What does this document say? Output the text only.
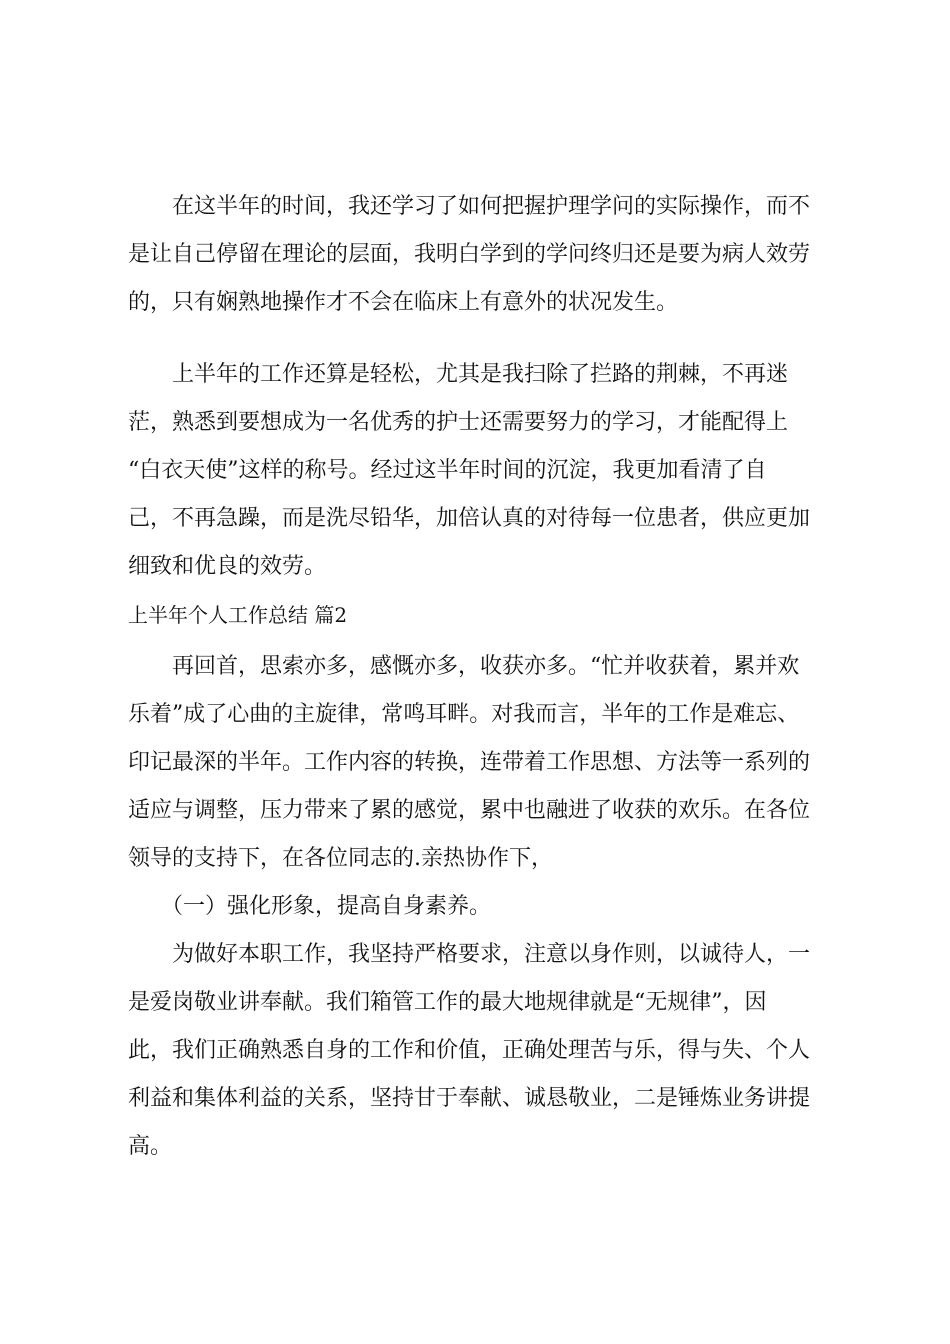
　　在这半年的时间，我还学习了如何把握护理学问的实际操作，而不
是让自己停留在理论的层面，我明白学到的学问终归还是要为病人效劳
的，只有娴熟地操作才不会在临床上有意外的状况发生。
　　上半年的工作还算是轻松，尤其是我扫除了拦路的荆棘，不再迷
茫，熟悉到要想成为一名优秀的护士还需要努力的学习，才能配得上
“白衣天使”这样的称号。经过这半年时间的沉淀，我更加看清了自
己，不再急躁，而是洗尽铅华，加倍认真的对待每一位患者，供应更加
细致和优良的效劳。
上半年个人工作总结 篇2
　　再回首，思索亦多，感慨亦多，收获亦多。“忙并收获着，累并欢
乐着”成了心曲的主旋律，常鸣耳畔。对我而言，半年的工作是难忘、
印记最深的半年。工作内容的转换，连带着工作思想、方法等一系列的
适应与调整，压力带来了累的感觉，累中也融进了收获的欢乐。在各位
领导的支持下，在各位同志的.亲热协作下，
　　（一）强化形象，提高自身素养。
　　为做好本职工作，我坚持严格要求，注意以身作则，以诚待人，一
是爱岗敬业讲奉献。我们箱管工作的最大地规律就是“无规律”，因
此，我们正确熟悉自身的工作和价值，正确处理苦与乐，得与失、个人
利益和集体利益的关系，坚持甘于奉献、诚恳敬业，二是锤炼业务讲提
高。
